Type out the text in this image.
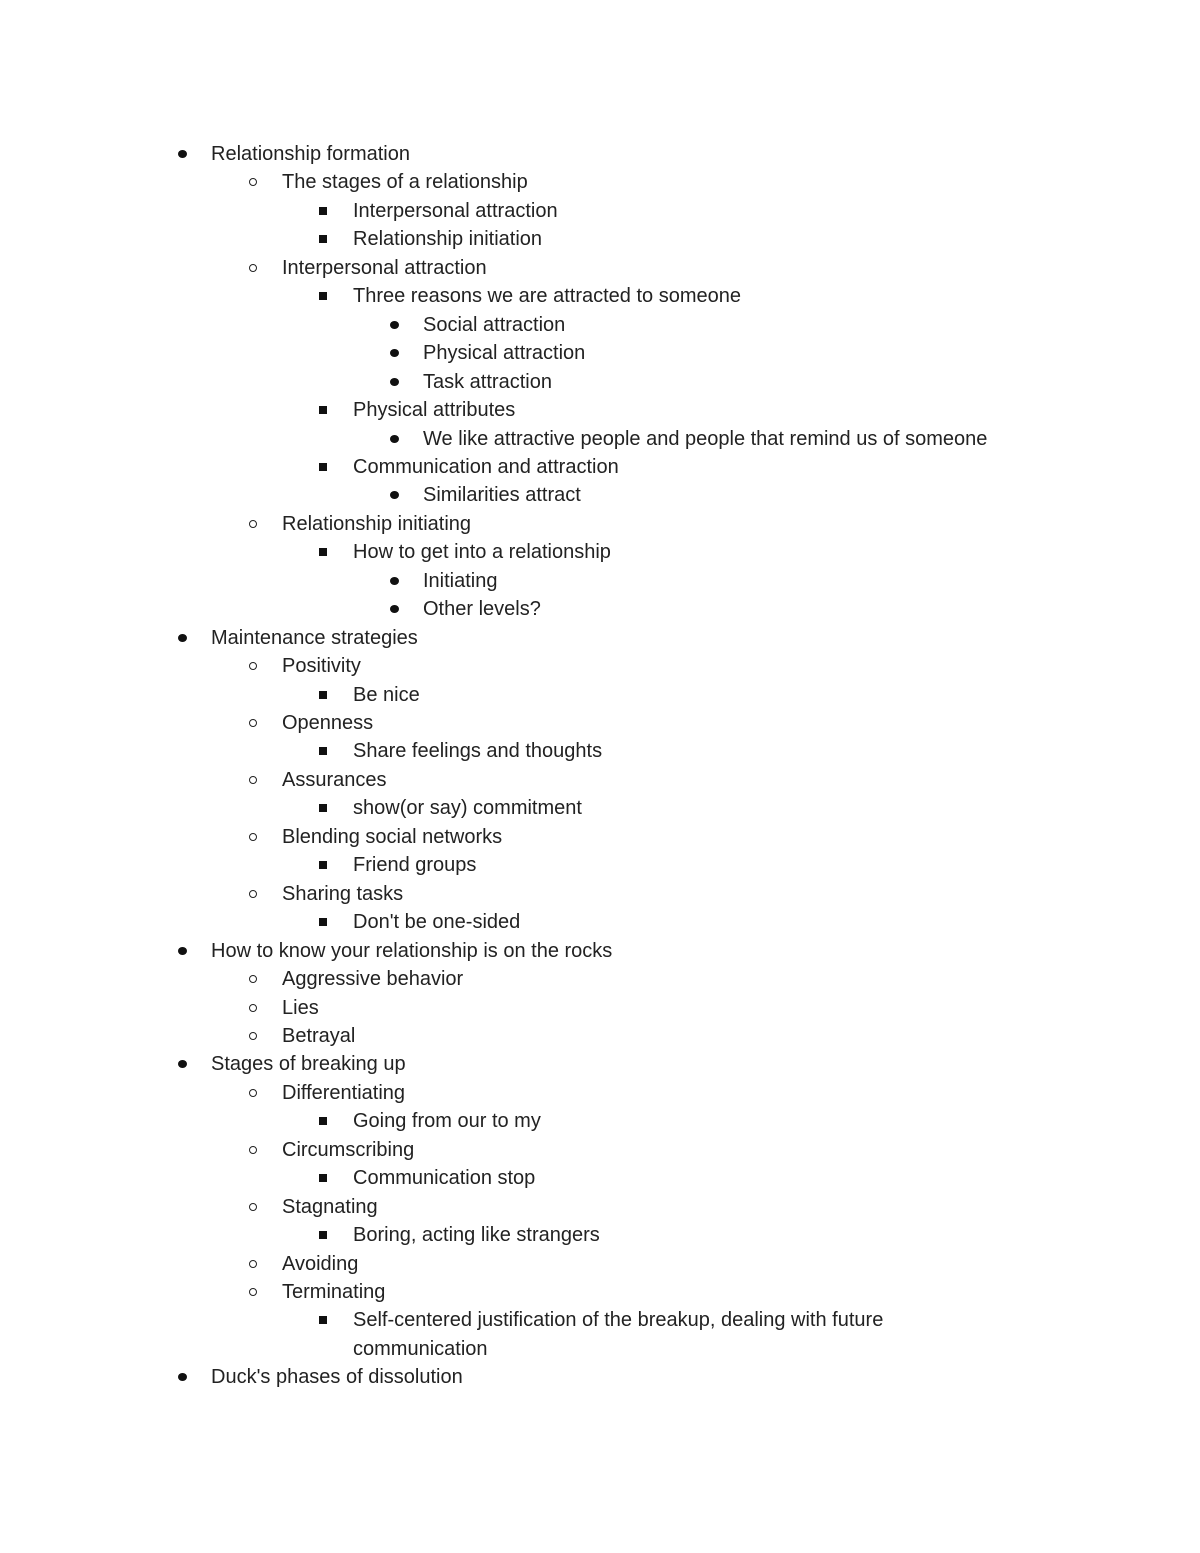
Relationship formation
The stages of a relationship
Interpersonal attraction
Relationship initiation
Interpersonal attraction
Three reasons we are attracted to someone
Social attraction
Physical attraction
Task attraction
Physical attributes
We like attractive people and people that remind us of someone
Communication and attraction
Similarities attract
Relationship initiating
How to get into a relationship
Initiating
Other levels?
Maintenance strategies
Positivity
Be nice
Openness
Share feelings and thoughts
Assurances
show(or say) commitment
Blending social networks
Friend groups
Sharing tasks
Don't be one-sided
How to know your relationship is on the rocks
Aggressive behavior
Lies
Betrayal
Stages of breaking up
Differentiating
Going from our to my
Circumscribing
Communication stop
Stagnating
Boring, acting like strangers
Avoiding
Terminating
Self-centered justification of the breakup, dealing with future communication
Duck's phases of dissolution
